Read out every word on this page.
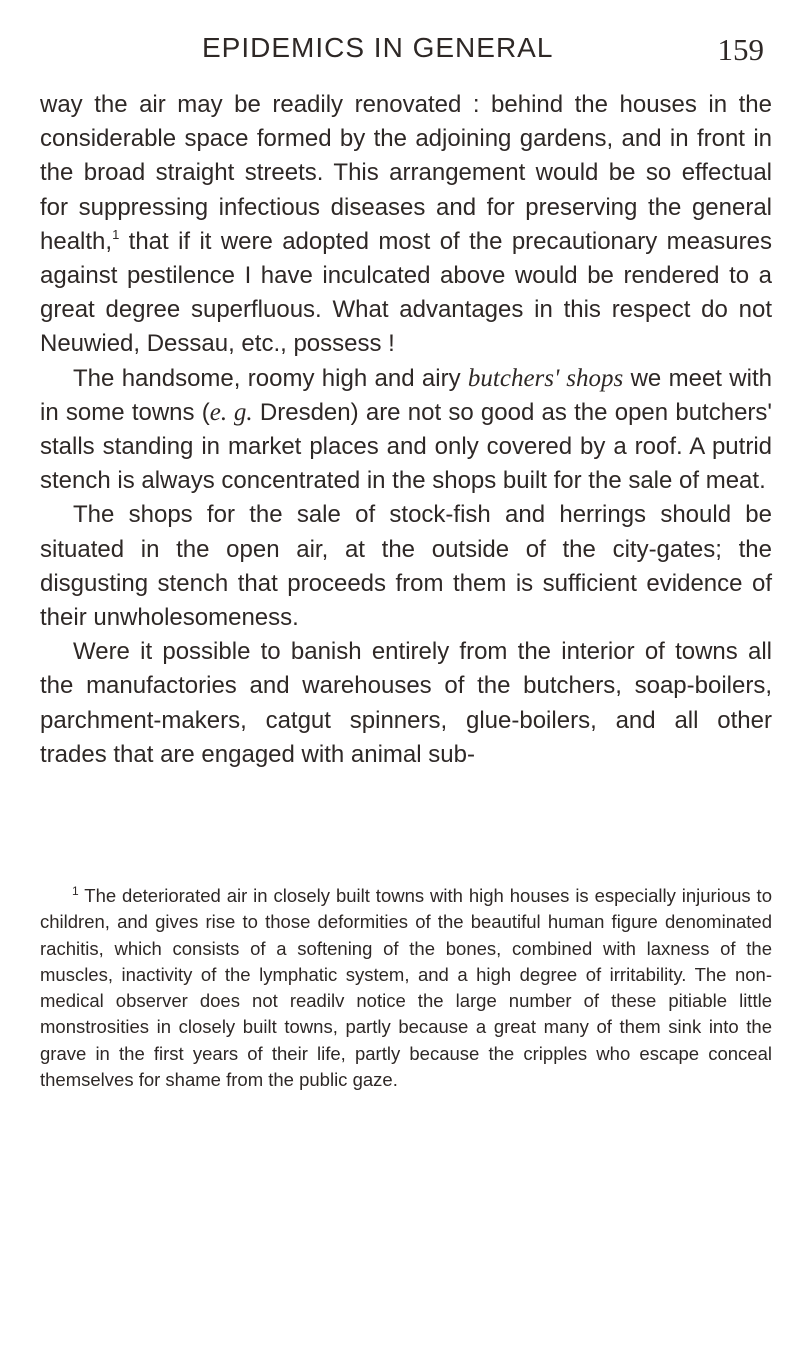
EPIDEMICS IN GENERAL	159

way the air may be readily renovated : behind the houses in the considerable space formed by the adjoining gardens, and in front in the broad straight streets. This arrangement would be so effectual for suppressing infectious diseases and for preserving the general health,$^1$ that if it were adopted most of the precautionary measures against pestilence I have inculcated above would be rendered to a great degree superfluous. What advantages in this respect do not Neuwied, Dessau, etc., possess !

The handsome, roomy high and airy butchers' shops we meet with in some towns (e. g. Dresden) are not so good as the open butchers' stalls standing in market places and only covered by a roof. A putrid stench is always concentrated in the shops built for the sale of meat.

The shops for the sale of stock-fish and herrings should be situated in the open air, at the outside of the city-gates; the disgusting stench that proceeds from them is sufficient evidence of their unwholesomeness.

Were it possible to banish entirely from the interior of towns all the manufactories and warehouses of the butchers, soap-boilers, parchment-makers, catgut spinners, glue-boilers, and all other trades that are engaged with animal sub-

$^1$ The deteriorated air in closely built towns with high houses is especially injurious to children, and gives rise to those deformities of the beautiful human figure denominated rachitis, which consists of a softening of the bones, combined with laxness of the muscles, inactivity of the lymphatic system, and a high degree of irritability. The non-medical observer does not readilv notice the large number of these pitiable little monstrosities in closely built towns, partly because a great many of them sink into the grave in the first years of their life, partly because the cripples who escape conceal themselves for shame from the public gaze.
